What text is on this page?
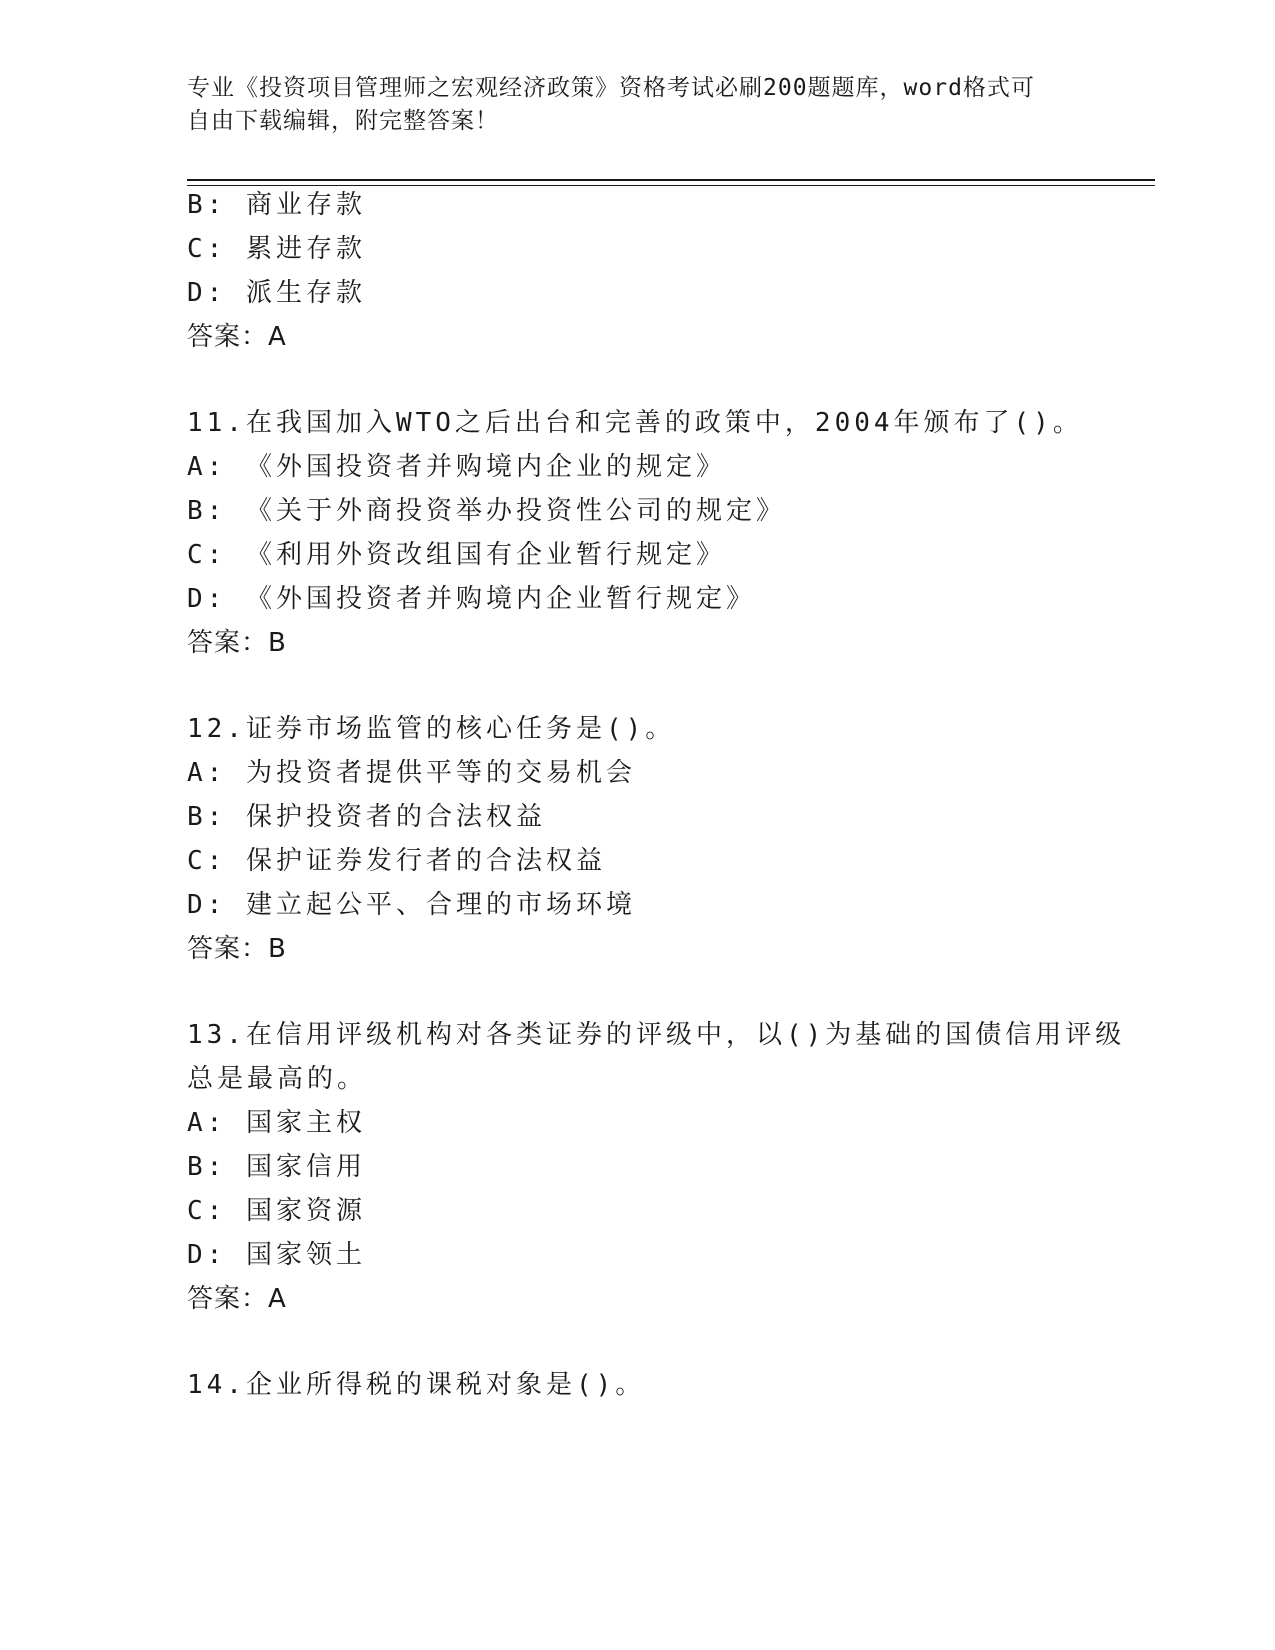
专业《投资项目管理师之宏观经济政策》资格考试必刷200题题库，word格式可
自由下载编辑，附完整答案！
B: 商业存款
C: 累进存款
D: 派生存款
答案：A
11.在我国加入WTO之后出台和完善的政策中，2004年颁布了()。
A: 《外国投资者并购境内企业的规定》
B: 《关于外商投资举办投资性公司的规定》
C: 《利用外资改组国有企业暂行规定》
D: 《外国投资者并购境内企业暂行规定》
答案：B
12.证券市场监管的核心任务是()。
A: 为投资者提供平等的交易机会
B: 保护投资者的合法权益
C: 保护证券发行者的合法权益
D: 建立起公平、合理的市场环境
答案：B
13.在信用评级机构对各类证券的评级中，以()为基础的国债信用评级
总是最高的。
A: 国家主权
B: 国家信用
C: 国家资源
D: 国家领土
答案：A
14.企业所得税的课税对象是()。
